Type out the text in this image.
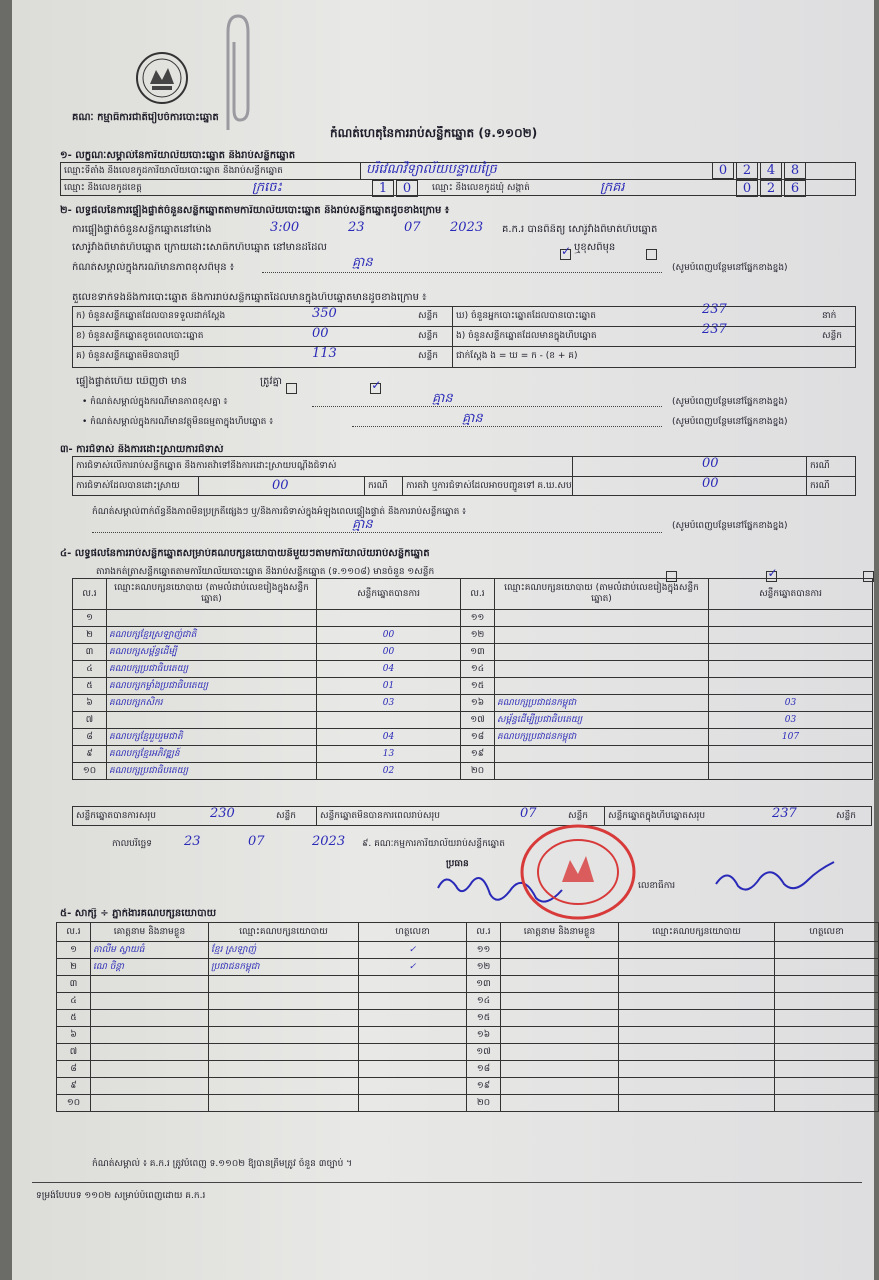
គណៈ កម្មាធិការជាតិរៀបចំការបោះឆ្នោត
កំណត់ហេតុនៃការរាប់សន្លឹកឆ្នោត (ទ.១១០២)
១- លក្ខណៈសម្គាល់នៃការិយាល័យបោះឆ្នោត និងរាប់សន្លឹកឆ្នោត
ឈ្មោះទីតាំង និងលេខកូដការិយាល័យបោះឆ្នោត និងរាប់សន្លឹកឆ្នោត	បរិវេណវិទ្យាល័យបន្ទាយច្រៃ	0	2	4	8
ឈ្មោះ និងលេខកូដខេត្ត	ក្រចេះ	1	0	ឈ្មោះ និងលេខកូដឃុំ សង្កាត់	ក្រគរ	0	2	6
២- លទ្ធផលនៃការផ្ទៀងផ្ទាត់ចំនួនសន្លឹកឆ្នោតតាមការិយាល័យបោះឆ្នោត និងរាប់សន្លឹកឆ្នោតដូចខាងក្រោម ៖
ការផ្ទៀងផ្ទាត់ចំនួនសន្លឹកឆ្នោតនៅម៉ោង	3:00	23	07 2023 គ.ក.រ បានពិនិត្យ សោរ៉ូវាំងពីមាត់ហិបឆ្នោត
សោរ៉ូវាំងពីមាត់ហិបឆ្នោត ក្រោយដោះសោធីកហិបឆ្នោត នៅមានដដែល
✓	ឬខុសពីមុន

កំណត់សម្គាល់ក្នុងករណីមានភាពខុសពីមុន ៖	គ្មាន	(សូមបំពេញបន្ថែមនៅផ្នែកខាងខ្នង)
តួលេខទាក់ទងនឹងការបោះឆ្នោត និងការរាប់សន្លឹកឆ្នោតដែលមានក្នុងហិបឆ្នោតមានដូចខាងក្រោម ៖
ក) ចំនួនសន្លឹកឆ្នោតដែលបានទទួលដាក់ស្តែង	350	សន្លឹក
ខ) ចំនួនសន្លឹកឆ្នោតខូចពេលបោះឆ្នោត	00	សន្លឹក
គ) ចំនួនសន្លឹកឆ្នោតមិនបានប្រើ	113	សន្លឹក
ឃ) ចំនួនអ្នកបោះឆ្នោតដែលបានបោះឆ្នោត	237	នាក់
ង) ចំនួនសន្លឹកឆ្នោតដែលមានក្នុងហិបឆ្នោត	237	សន្លឹក
ជាក់ស្តែង ង = ឃ = ក - (ខ + គ)
ផ្ទៀងផ្ទាត់ហើយ ឃើញថា មាន
	ត្រូវគ្នា
✓
• កំណត់សម្គាល់ក្នុងករណីមានភាពខុសគ្នា ៖	គ្មាន	(សូមបំពេញបន្ថែមនៅផ្នែកខាងខ្នង)
• កំណត់សម្គាល់ក្នុងករណីមានវត្ថុមិនធម្មតាក្នុងហិបឆ្នោត ៖	គ្មាន	(សូមបំពេញបន្ថែមនៅផ្នែកខាងខ្នង)
៣- ការជំទាស់ និងការដោះស្រាយការជំទាស់
ការជំទាស់លើការរាប់សន្លឹកឆ្នោត និងការតវ៉ាទៅនឹងការដោះស្រាយបណ្តឹងជំទាស់	00	ករណី
ការជំទាស់ដែលបានដោះស្រាយ	00	ករណី ការតវ៉ា ឬការជំទាស់ដែលអាចបញ្ជូនទៅ គ.ឃ.សប	00	ករណី
កំណត់សម្គាល់ពាក់ព័ន្ធនឹងភាពមិនប្រក្រតីផ្សេងៗ ឬ/និងការជំទាស់ក្នុងអំឡុងពេលផ្ទៀងផ្ទាត់ និងការរាប់សន្លឹកឆ្នោត ៖
គ្មាន	(សូមបំពេញបន្ថែមនៅផ្នែកខាងខ្នង)
៤- លទ្ធផលនៃការរាប់សន្លឹកឆ្នោតសម្រាប់គណបក្សនយោបាយនីមួយៗតាមការិយាល័យរាប់សន្លឹកឆ្នោត
តារាងកត់ត្រាសន្លឹកឆ្នោតតាមការិយាល័យបោះឆ្នោត និងរាប់សន្លឹកឆ្នោត (ទ.១១០៨) មានចំនួន ១សន្លឹក
✓
ល.រ	ឈ្មោះគណបក្សនយោបាយ (តាមលំដាប់លេខរៀងក្នុងសន្លឹកឆ្នោត)	សន្លឹកឆ្នោតបានការ	ល.រ	ឈ្មោះគណបក្សនយោបាយ (តាមលំដាប់លេខរៀងក្នុងសន្លឹកឆ្នោត)	សន្លឹកឆ្នោតបានការ
១			១១		
២	គណបក្សខ្មែរស្រឡាញ់ជាតិ	00	១២		
៣	គណបក្សសម្ព័ន្ធដើម្បី	00	១៣		
៤	គណបក្សប្រជាធិបតេយ្យ	04	១៤		
៥	គណបក្សកម្លាំងប្រជាធិបតេយ្យ	01	១៥		
៦	គណបក្សកសិករ	03	១៦	គណបក្សប្រជាជនកម្ពុជា	03
៧			១៧	សម្ព័ន្ធដើម្បីប្រជាធិបតេយ្យ	03
៨	គណបក្សខ្មែររួបរួមជាតិ	04	១៨	គណបក្សប្រជាជនកម្ពុជា	107
៩	គណបក្សខ្មែរអភិវឌ្ឍន៍	13	១៩		
១០	គណបក្សប្រជាធិបតេយ្យ	02	២០		
សន្លឹកឆ្នោតបានការសរុប	230	សន្លឹក	សន្លឹកឆ្នោតមិនបានការពេលរាប់សរុប	07	សន្លឹក សន្លឹកឆ្នោតក្នុងហិបឆ្នោតសរុប	237	សន្លឹក
កាលបរិច្ឆេទ 23	07	2023 ៩. គណៈកម្មការការិយាល័យរាប់សន្លឹកឆ្នោត
ប្រធាន
លេខាធិការ
៥- សាក្សី ÷ ភ្នាក់ងារគណបក្សនយោបាយ
ល.រ	គោត្តនាម និងនាមខ្លួន	ឈ្មោះគណបក្សនយោបាយ	ហត្ថលេខា	ល.រ	គោត្តនាម និងនាមខ្លួន	ឈ្មោះគណបក្សនយោបាយ	ហត្ថលេខា
១	តាលីម ស្វាយធំ	ខ្មែរ ស្រឡាញ់	✓	១១			
២	ណេ ចិន្តា	ប្រជាជនកម្ពុជា	✓	១២			
៣				១៣			
៤				១៤			
៥				១៥			
៦				១៦			
៧				១៧			
៨				១៨			
៩				១៩			
១០				២០			
កំណត់សម្គាល់ ៖ គ.ក.រ ត្រូវបំពេញ ទ.១១០២ ឱ្យបានត្រឹមត្រូវ ចំនួន ៣ច្បាប់ ។
ទម្រង់បែបបទ ១១០២ សម្រាប់បំពេញដោយ គ.ក.រ
